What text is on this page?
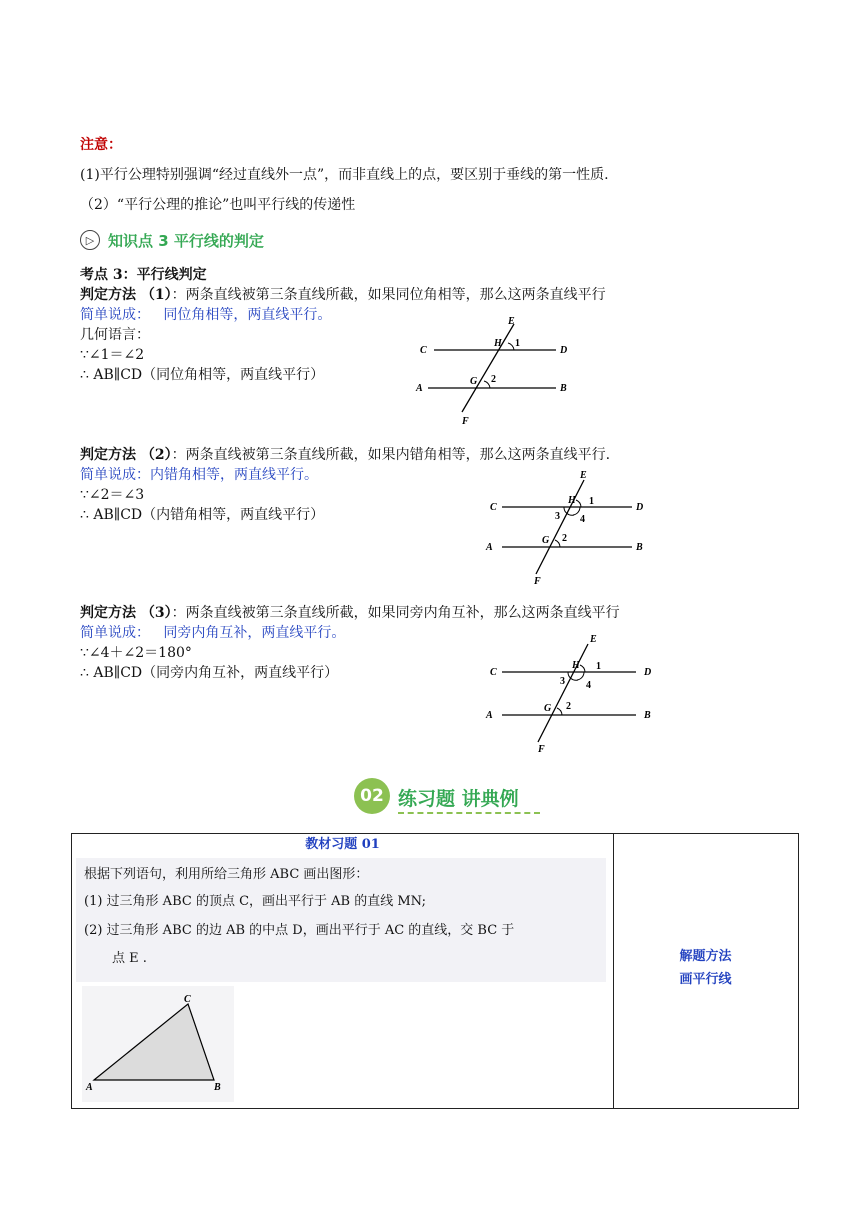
注意：
(1)平行公理特别强调“经过直线外一点”，而非直线上的点，要区别于垂线的第一性质.
（2）“平行公理的推论”也叫平行线的传递性
▷ 知识点 3 平行线的判定
考点 3：平行线判定
判定方法 （1）：两条直线被第三条直线所截，如果同位角相等，那么这两条直线平行
简单说成： 同位角相等，两直线平行。
几何语言：
∵∠1＝∠2
∴ AB∥CD（同位角相等，两直线平行）
E
H 1
C	D
G 2
A	B
F
判定方法 （2）：两条直线被第三条直线所截，如果内错角相等，那么这两条直线平行.
简单说成：内错角相等，两直线平行。
∵∠2＝∠3
∴ AB∥CD（内错角相等，两直线平行）
E
H 1
3 4
C	D
G 2
A	B
F
判定方法 （3）：两条直线被第三条直线所截，如果同旁内角互补，那么这两条直线平行
简单说成： 同旁内角互补，两直线平行。
∵∠4＋∠2＝180°
∴ AB∥CD（同旁内角互补，两直线平行）
E
H 1
3 4
C	D
G 2
A	B
F
02 练习题 讲典例
教材习题 01
根据下列语句，利用所给三角形 ABC 画出图形：
(1) 过三角形 ABC 的顶点 C，画出平行于 AB 的直线 MN;
(2) 过三角形 ABC 的边 AB 的中点 D，画出平行于 AC 的直线，交 BC 于
点 E .
A	B
C
解题方法
画平行线
